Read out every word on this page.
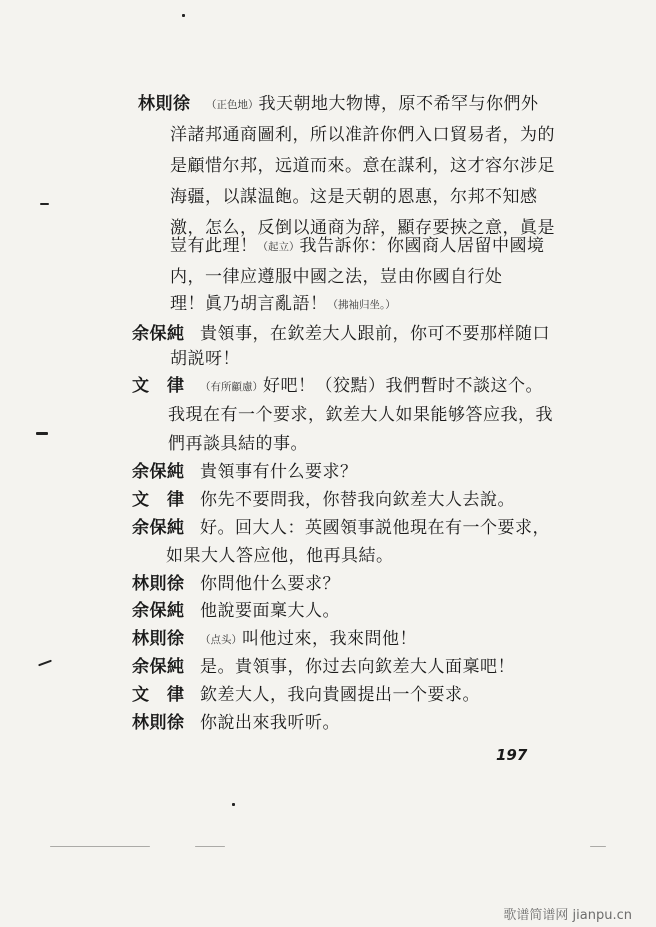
林則徐 （正色地）我天朝地大物博，原不希罕与你們外
洋諸邦通商圖利，所以准許你們入口貿易者，为的
是顧惜尔邦，远道而來。意在謀利，这才容尔涉足
海疆，以謀温飽。这是天朝的恩惠，尔邦不知感
激，怎么，反倒以通商为辞，顯存要挾之意，眞是
豈有此理！（起立）我告訴你：你國商人居留中國境
内，一律应遵服中國之法，豈由你國自行处
理！眞乃胡言亂語！（拂袖归坐。）
余保純 貴領事，在欽差大人跟前，你可不要那样随口
胡説呀！
文　律 （有所顧慮）好吧！（狡黠）我們暫时不談这个。
我現在有一个要求，欽差大人如果能够答应我，我
們再談具結的事。
余保純 貴領事有什么要求？
文　律 你先不要問我，你替我向欽差大人去說。
余保純 好。回大人：英國領事説他現在有一个要求，
如果大人答应他，他再具結。
林則徐 你問他什么要求？
余保純 他說要面稟大人。
林則徐 （点头）叫他过來，我來問他！
余保純 是。貴領事，你过去向欽差大人面稟吧！
文　律 欽差大人，我向貴國提出一个要求。
林則徐 你說出來我听听。
197
歌谱简谱网 jianpu.cn
